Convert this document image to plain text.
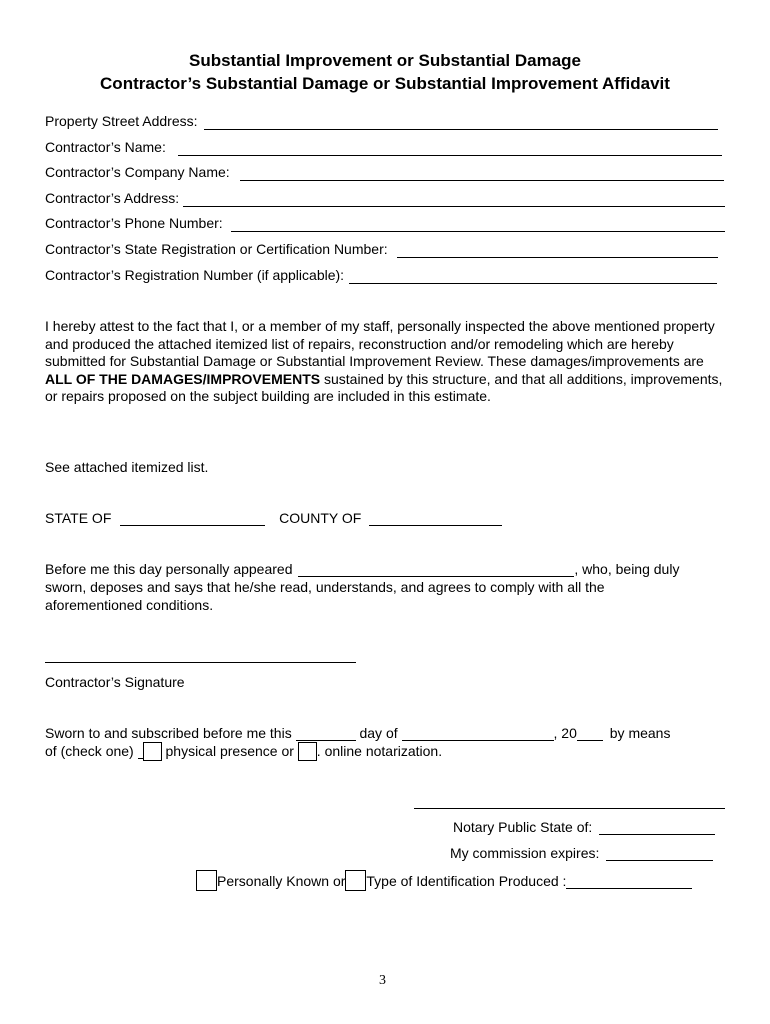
Substantial Improvement or Substantial Damage
Contractor’s Substantial Damage or Substantial Improvement Affidavit
Property Street Address:
Contractor’s Name:
Contractor’s Company Name:
Contractor’s Address:
Contractor’s Phone Number:
Contractor’s State Registration or Certification Number:
Contractor’s Registration Number (if applicable):
I hereby attest to the fact that I, or a member of my staff, personally inspected the above mentioned property and produced the attached itemized list of repairs, reconstruction and/or remodeling which are hereby submitted for Substantial Damage or Substantial Improvement Review. These damages/improvements are ALL OF THE DAMAGES/IMPROVEMENTS sustained by this structure, and that all additions, improvements, or repairs proposed on the subject building are included in this estimate.
See attached itemized list.
STATE OF	COUNTY OF
Before me this day personally appeared	, who, being duly
sworn, deposes and says that he/she read, understands, and agrees to comply with all the
aforementioned conditions.
Contractor’s Signature
Sworn to and subscribed before me this	day of	, 20 by means
of (check one) physical presence or . online notarization.
Notary Public State of:
My commission expires:
Personally Known or Type of Identification Produced :
3
